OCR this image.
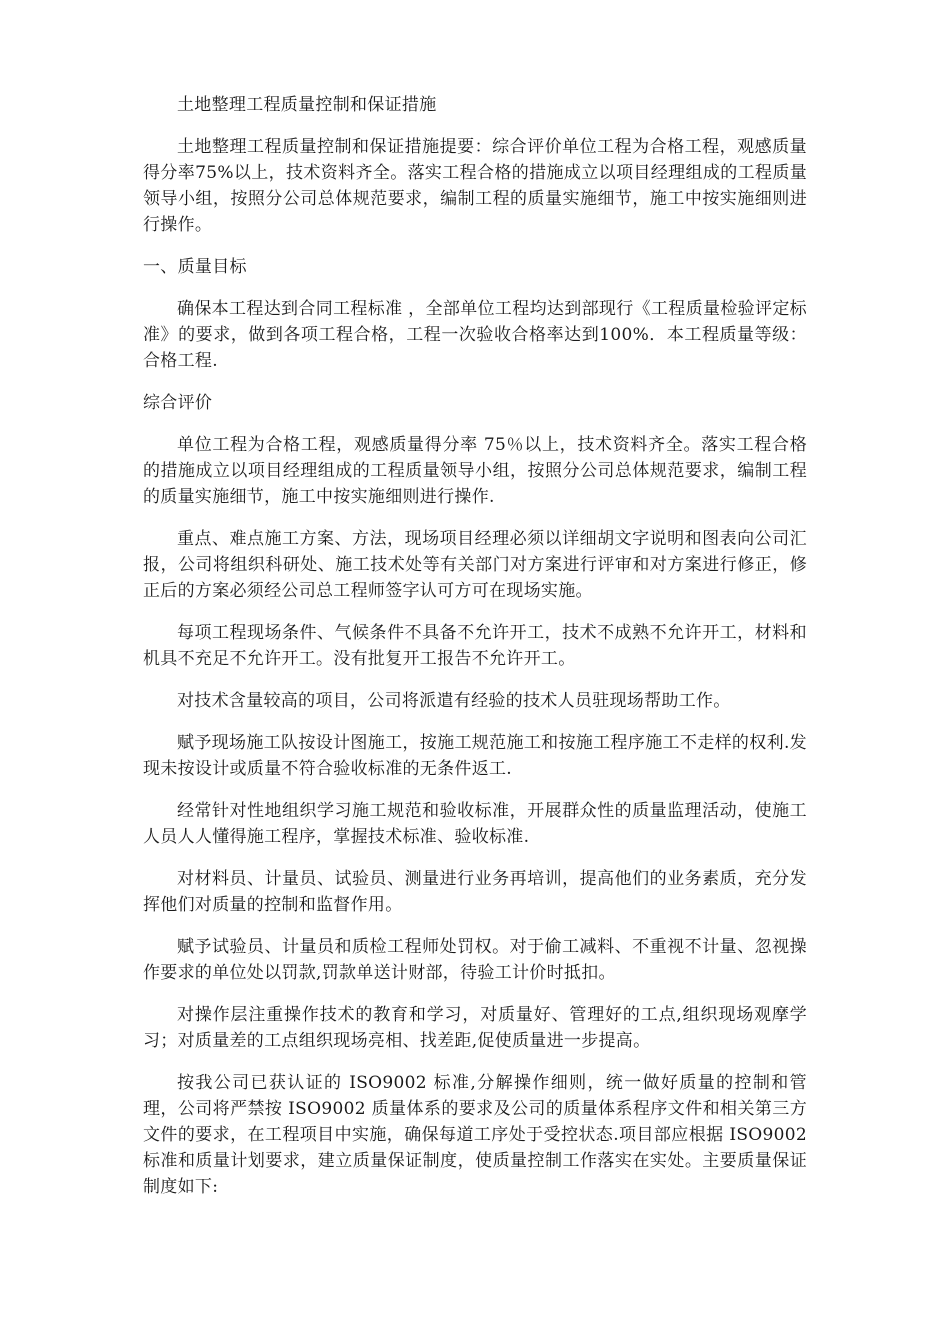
土地整理工程质量控制和保证措施

土地整理工程质量控制和保证措施提要：综合评价单位工程为合格工程，观感质量得分率75%以上，技术资料齐全。落实工程合格的措施成立以项目经理组成的工程质量领导小组，按照分公司总体规范要求，编制工程的质量实施细节，施工中按实施细则进行操作。

一、质量目标

确保本工程达到合同工程标准 ，全部单位工程均达到部现行《工程质量检验评定标准》的要求，做到各项工程合格，工程一次验收合格率达到100%．本工程质量等级：合格工程.

综合评价

单位工程为合格工程，观感质量得分率 75％以上，技术资料齐全。落实工程合格的措施成立以项目经理组成的工程质量领导小组，按照分公司总体规范要求，编制工程的质量实施细节，施工中按实施细则进行操作.

重点、难点施工方案、方法，现场项目经理必须以详细胡文字说明和图表向公司汇报，公司将组织科研处、施工技术处等有关部门对方案进行评审和对方案进行修正，修正后的方案必须经公司总工程师签字认可方可在现场实施。

每项工程现场条件、气候条件不具备不允许开工，技术不成熟不允许开工，材料和机具不充足不允许开工。没有批复开工报告不允许开工。

对技术含量较高的项目，公司将派遣有经验的技术人员驻现场帮助工作。

赋予现场施工队按设计图施工，按施工规范施工和按施工程序施工不走样的权利.发现未按设计或质量不符合验收标准的无条件返工.

经常针对性地组织学习施工规范和验收标准，开展群众性的质量监理活动，使施工人员人人懂得施工程序，掌握技术标准、验收标准.

对材料员、计量员、试验员、测量进行业务再培训，提高他们的业务素质，充分发挥他们对质量的控制和监督作用。

赋予试验员、计量员和质检工程师处罚权。对于偷工减料、不重视不计量、忽视操作要求的单位处以罚款,罚款单送计财部，待验工计价时抵扣。

对操作层注重操作技术的教育和学习，对质量好、管理好的工点,组织现场观摩学习；对质量差的工点组织现场亮相、找差距,促使质量进一步提高。

按我公司已获认证的 ISO9002 标准,分解操作细则，统一做好质量的控制和管理，公司将严禁按 ISO9002 质量体系的要求及公司的质量体系程序文件和相关第三方文件的要求，在工程项目中实施，确保每道工序处于受控状态.项目部应根据 ISO9002 标准和质量计划要求，建立质量保证制度，使质量控制工作落实在实处。主要质量保证制度如下:
